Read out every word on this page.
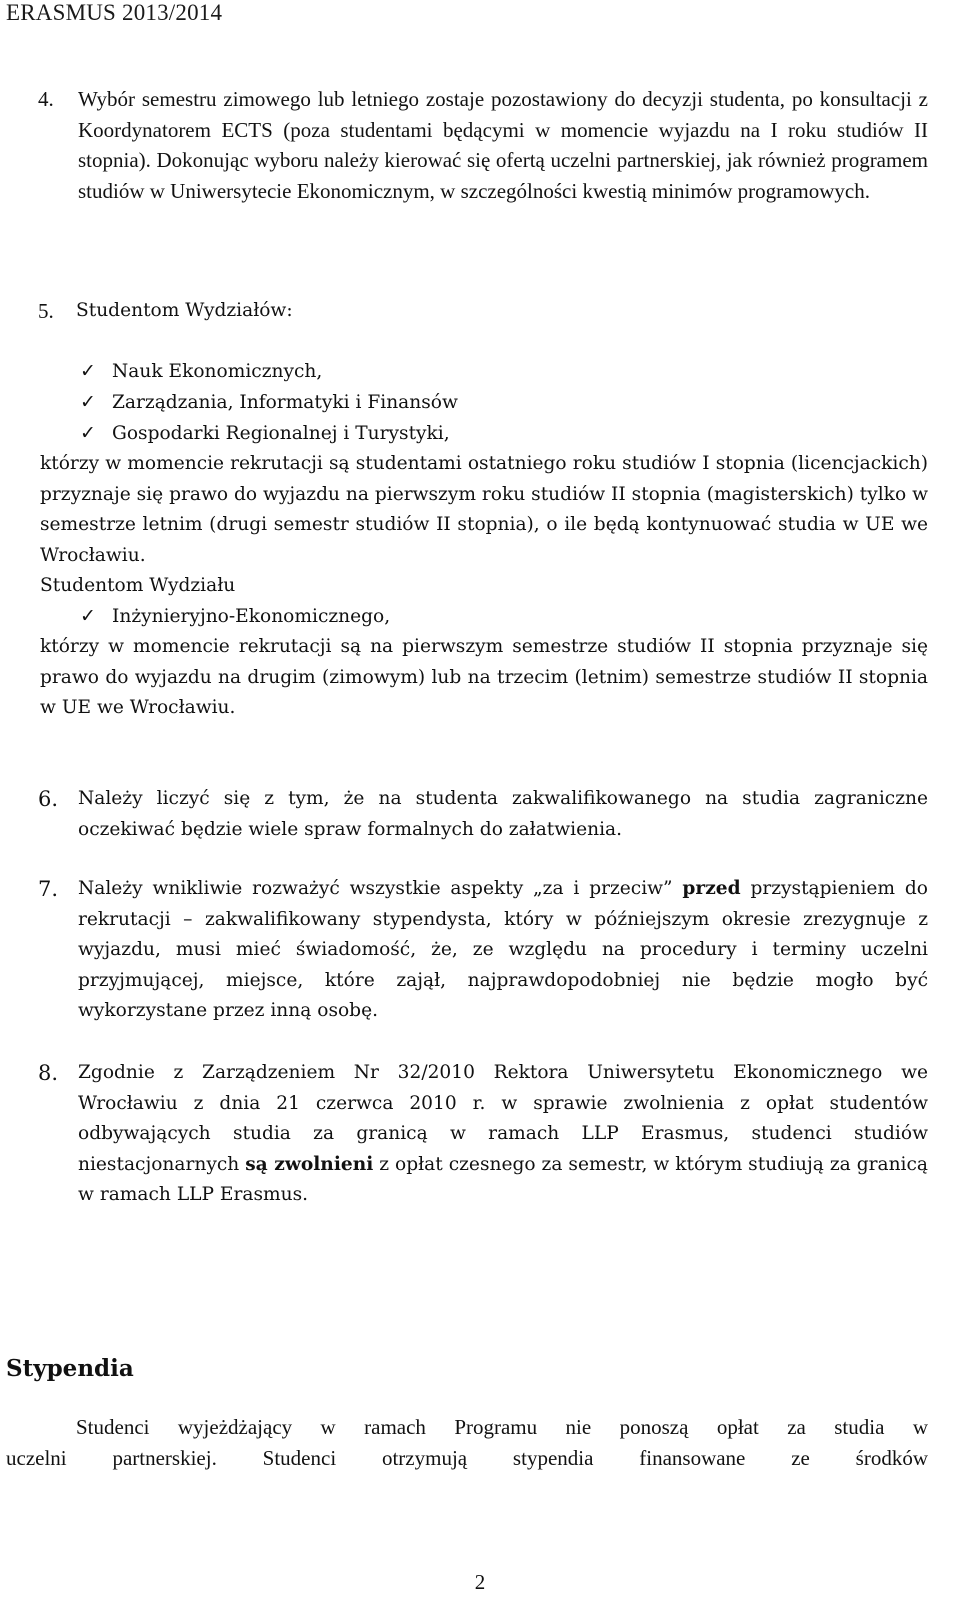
ERASMUS 2013/2014
4. Wybór semestru zimowego lub letniego zostaje pozostawiony do decyzji studenta, po konsultacji z Koordynatorem ECTS (poza studentami będącymi w momencie wyjazdu na I roku studiów II stopnia). Dokonując wyboru należy kierować się ofertą uczelni partnerskiej, jak również programem studiów w Uniwersytecie Ekonomicznym, w szczególności kwestią minimów programowych.

5. Studentom Wydziałów:
✓ Nauk Ekonomicznych,
✓ Zarządzania, Informatyki i Finansów
✓ Gospodarki Regionalnej i Turystyki,

którzy w momencie rekrutacji są studentami ostatniego roku studiów I stopnia (licencjackich) przyznaje się prawo do wyjazdu na pierwszym roku studiów II stopnia (magisterskich) tylko w semestrze letnim (drugi semestr studiów II stopnia), o ile będą kontynuować studia w UE we Wrocławiu.

Studentom Wydziału
✓ Inżynieryjno-Ekonomicznego,

którzy w momencie rekrutacji są na pierwszym semestrze studiów II stopnia przyznaje się prawo do wyjazdu na drugim (zimowym) lub na trzecim (letnim) semestrze studiów II stopnia w UE we Wrocławiu.

6. Należy liczyć się z tym, że na studenta zakwalifikowanego na studia zagraniczne oczekiwać będzie wiele spraw formalnych do załatwienia.

7. Należy wnikliwie rozważyć wszystkie aspekty „za i przeciw” przed przystąpieniem do rekrutacji – zakwalifikowany stypendysta, który w późniejszym okresie zrezygnuje z wyjazdu, musi mieć świadomość, że, ze względu na procedury i terminy uczelni przyjmującej, miejsce, które zajął, najprawdopodobniej nie będzie mogło być wykorzystane przez inną osobę.

8. Zgodnie z Zarządzeniem Nr 32/2010 Rektora Uniwersytetu Ekonomicznego we Wrocławiu z dnia 21 czerwca 2010 r. w sprawie zwolnienia z opłat studentów odbywających studia za granicą w ramach LLP Erasmus, studenci studiów niestacjonarnych są zwolnieni z opłat czesnego za semestr, w którym studiują za granicą w ramach LLP Erasmus.

Stypendia
Studenci wyjeżdżający w ramach Programu nie ponoszą opłat za studia w
uczelni partnerskiej. Studenci otrzymują stypendia finansowane ze środków
2
